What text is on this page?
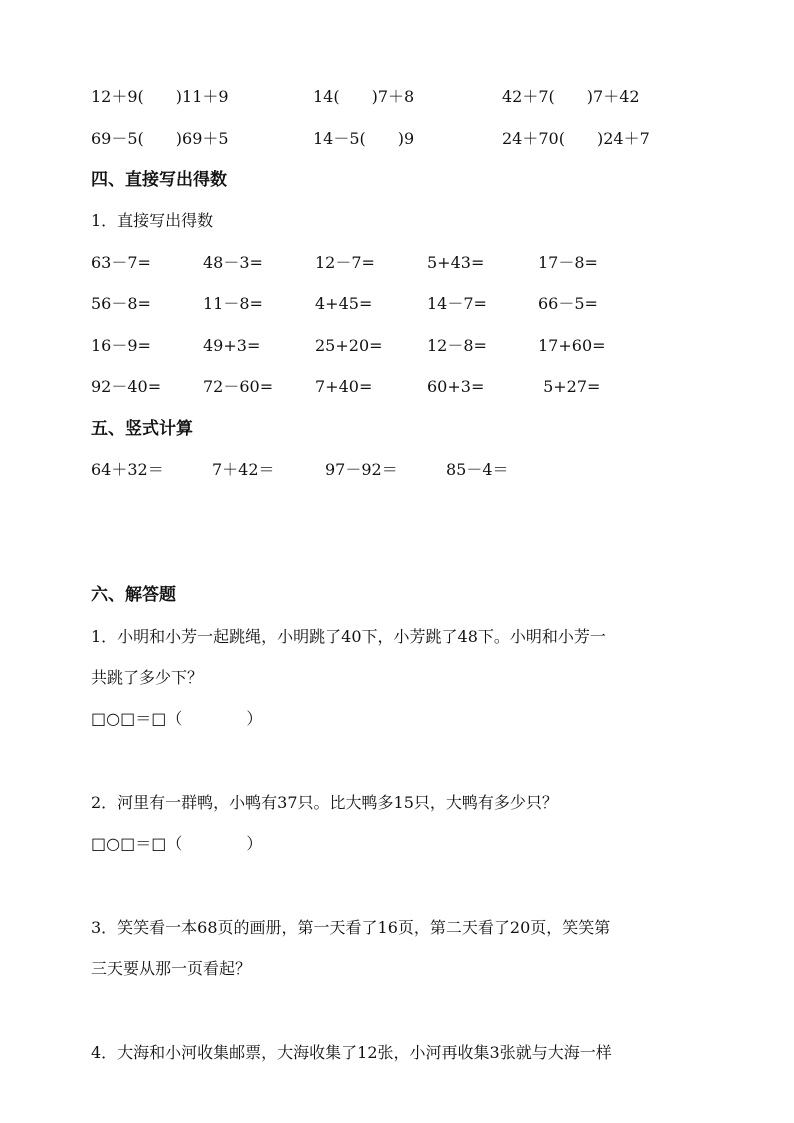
12＋9(　　)11＋9	14(　　)7＋8	42＋7(　　)7＋42
69－5(　　)69＋5	14－5(　　)9	24＋70(　　)24＋7
四、直接写出得数
1．直接写出得数
63－7=	48－3=	12－7=	5+43=	17－8=
56－8=	11－8=	4+45=	14－7=	66－5=
16－9=	49+3=	25+20=	12－8=	17+60=
92－40=	72－60=	7+40=	60+3=	5+27=
五、竖式计算
64＋32＝	7＋42＝	97－92＝	85－4＝
六、解答题
1．小明和小芳一起跳绳，小明跳了40下，小芳跳了48下。小明和小芳一
共跳了多少下？
□○□＝□（　　　　）
2．河里有一群鸭，小鸭有37只。比大鸭多15只，大鸭有多少只？
□○□＝□（　　　　）
3．笑笑看一本68页的画册，第一天看了16页，第二天看了20页，笑笑第
三天要从那一页看起？
4．大海和小河收集邮票，大海收集了12张，小河再收集3张就与大海一样
